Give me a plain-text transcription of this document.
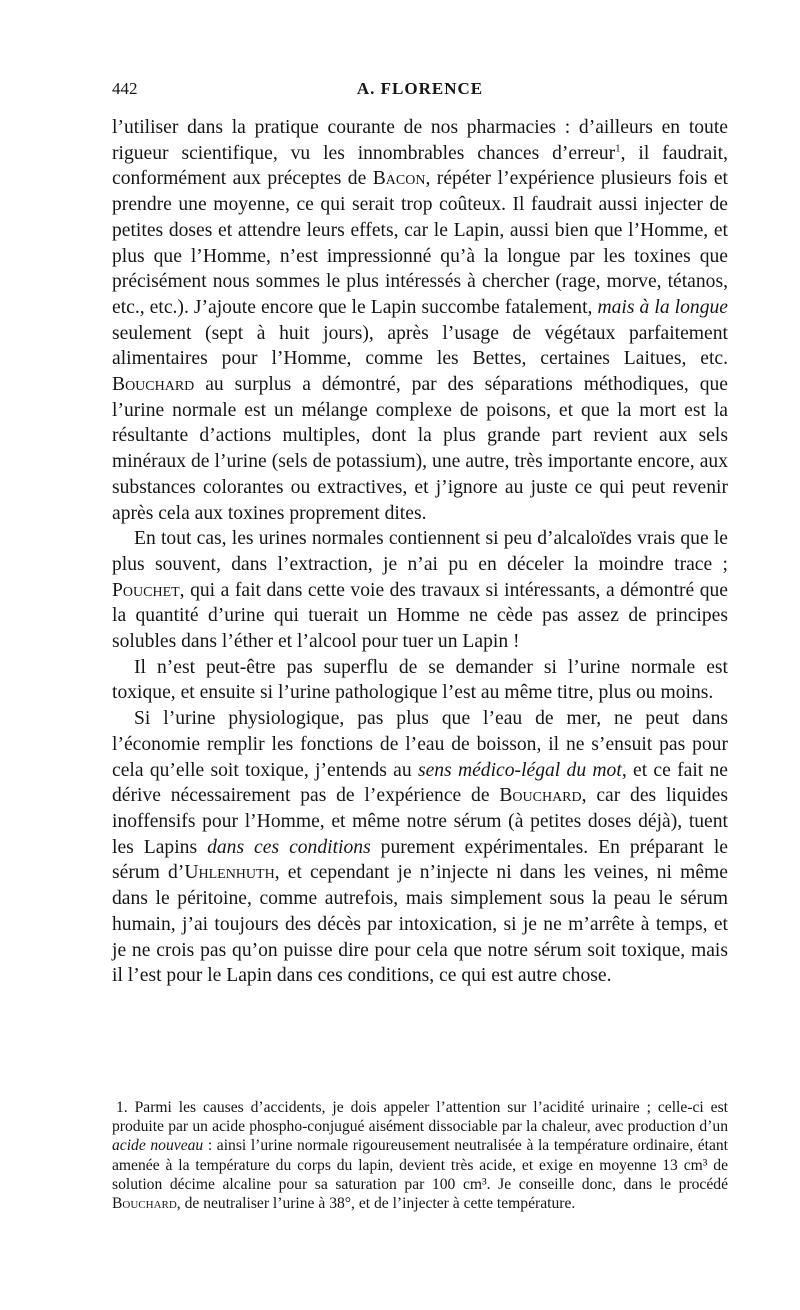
442	A. FLORENCE

l’utiliser dans la pratique courante de nos pharmacies : d’ailleurs en toute rigueur scientifique, vu les innombrables chances d’erreur$^1$, il faudrait, conformément aux préceptes de Bacon, répéter l’expérience plusieurs fois et prendre une moyenne, ce qui serait trop coûteux. Il faudrait aussi injecter de petites doses et attendre leurs effets, car le Lapin, aussi bien que l’Homme, et plus que l’Homme, n’est impressionné qu’à la longue par les toxines que précisément nous sommes le plus intéressés à chercher (rage, morve, tétanos, etc., etc.). J’ajoute encore que le Lapin succombe fatalement, mais à la longue seulement (sept à huit jours), après l’usage de végétaux parfaitement alimentaires pour l’Homme, comme les Bettes, certaines Laitues, etc. Bouchard au surplus a démontré, par des séparations méthodiques, que l’urine normale est un mélange complexe de poisons, et que la mort est la résultante d’actions multiples, dont la plus grande part revient aux sels minéraux de l’urine (sels de potassium), une autre, très importante encore, aux substances colorantes ou extractives, et j’ignore au juste ce qui peut revenir après cela aux toxines proprement dites.

En tout cas, les urines normales contiennent si peu d’alcaloïdes vrais que le plus souvent, dans l’extraction, je n’ai pu en déceler la moindre trace ; Pouchet, qui a fait dans cette voie des travaux si intéressants, a démontré que la quantité d’urine qui tuerait un Homme ne cède pas assez de principes solubles dans l’éther et l’alcool pour tuer un Lapin !

Il n’est peut-être pas superflu de se demander si l’urine normale est toxique, et ensuite si l’urine pathologique l’est au même titre, plus ou moins.

Si l’urine physiologique, pas plus que l’eau de mer, ne peut dans l’économie remplir les fonctions de l’eau de boisson, il ne s’ensuit pas pour cela qu’elle soit toxique, j’entends au sens médico-légal du mot, et ce fait ne dérive nécessairement pas de l’expérience de Bouchard, car des liquides inoffensifs pour l’Homme, et même notre sérum (à petites doses déjà), tuent les Lapins dans ces conditions purement expérimentales. En préparant le sérum d’Uhlenhuth, et cependant je n’injecte ni dans les veines, ni même dans le péritoine, comme autrefois, mais simplement sous la peau le sérum humain, j’ai toujours des décès par intoxication, si je ne m’arrête à temps, et je ne crois pas qu’on puisse dire pour cela que notre sérum soit toxique, mais il l’est pour le Lapin dans ces conditions, ce qui est autre chose.

1. Parmi les causes d’accidents, je dois appeler l’attention sur l’acidité urinaire ; celle-ci est produite par un acide phospho-conjugué aisément dissociable par la chaleur, avec production d’un acide nouveau : ainsi l’urine normale rigoureusement neutralisée à la température ordinaire, étant amenée à la température du corps du lapin, devient très acide, et exige en moyenne 13 cm³ de solution décime alcaline pour sa saturation par 100 cm³. Je conseille donc, dans le procédé Bouchard, de neutraliser l’urine à 38°, et de l’injecter à cette température.
